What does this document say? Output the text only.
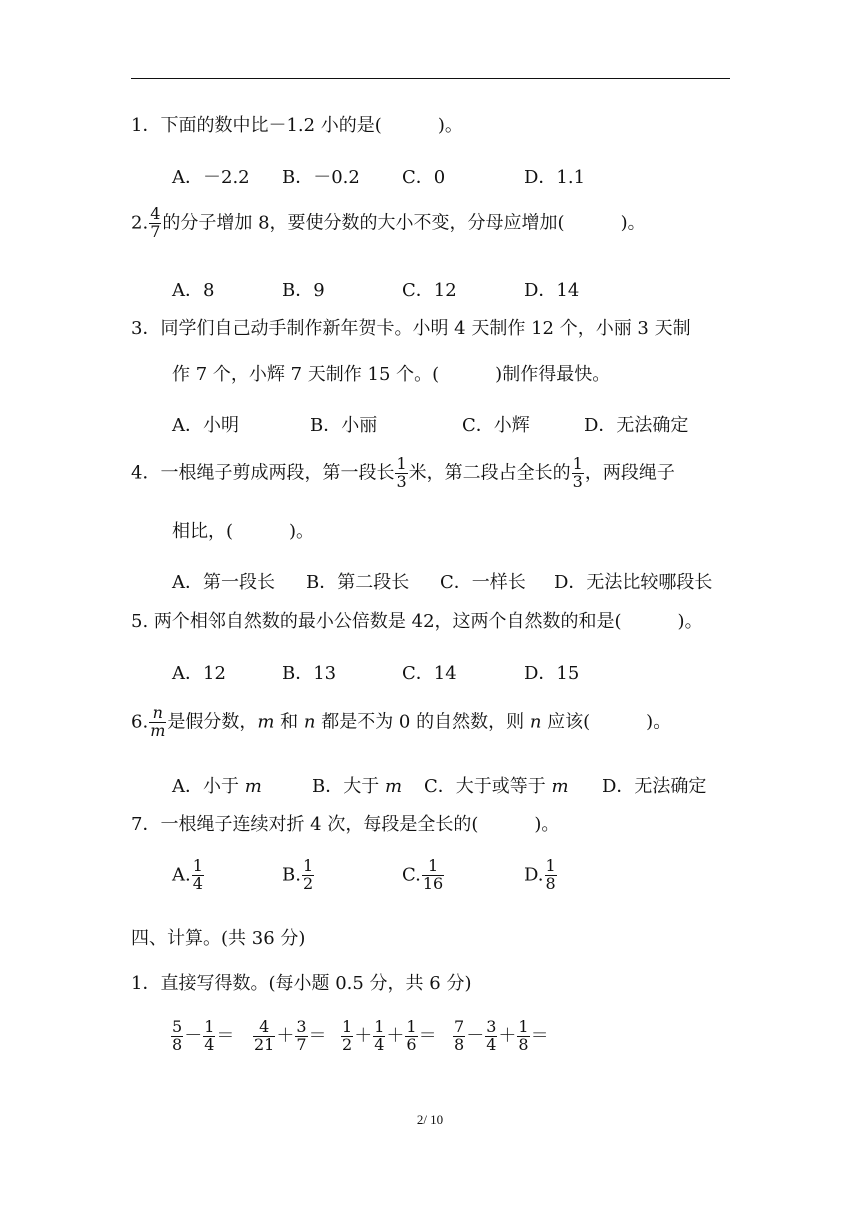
1．下面的数中比－1.2 小的是(	)。
A．－2.2 B．－0.2 C．0	D．1.1
2. $\frac{4}{7}$ 的分子增加 8，要使分数的大小不变，分母应增加(	)。
A．8	B．9	C．12	D．14
3．同学们自己动手制作新年贺卡。小明 4 天制作 12 个，小丽 3 天制
作 7 个，小辉 7 天制作 15 个。(	)制作得最快。
A．小明	B．小丽	C．小辉	D．无法确定
4．一根绳子剪成两段，第一段长 $\frac{1}{3}$ 米，第二段占全长的 $\frac{1}{3}$ ，两段绳子
相比，(	)。
A．第一段长 B．第二段长 C．一样长 D．无法比较哪段长
5. 两个相邻自然数的最小公倍数是 42，这两个自然数的和是(	)。
A．12	B．13	C．14	D．15
6. $\frac{n}{m}$ 是假分数，m 和 n 都是不为 0 的自然数，则 n 应该(	)。
A．小于 m	B．大于 m C．大于或等于 m D．无法确定
7．一根绳子连续对折 4 次，每段是全长的(	)。
A. $\frac{1}{4}$	B. $\frac{1}{2}$	C. $\frac{1}{16}$	D. $\frac{1}{8}$
四、计算。(共 36 分)
1．直接写得数。(每小题 0.5 分，共 6 分)
$\frac{5}{8} - \frac{1}{4} = \frac{4}{21} + \frac{3}{7} = \frac{1}{2} + \frac{1}{4} + \frac{1}{6} = \frac{7}{8} - \frac{3}{4} + \frac{1}{8}$ ＝
2/ 10
